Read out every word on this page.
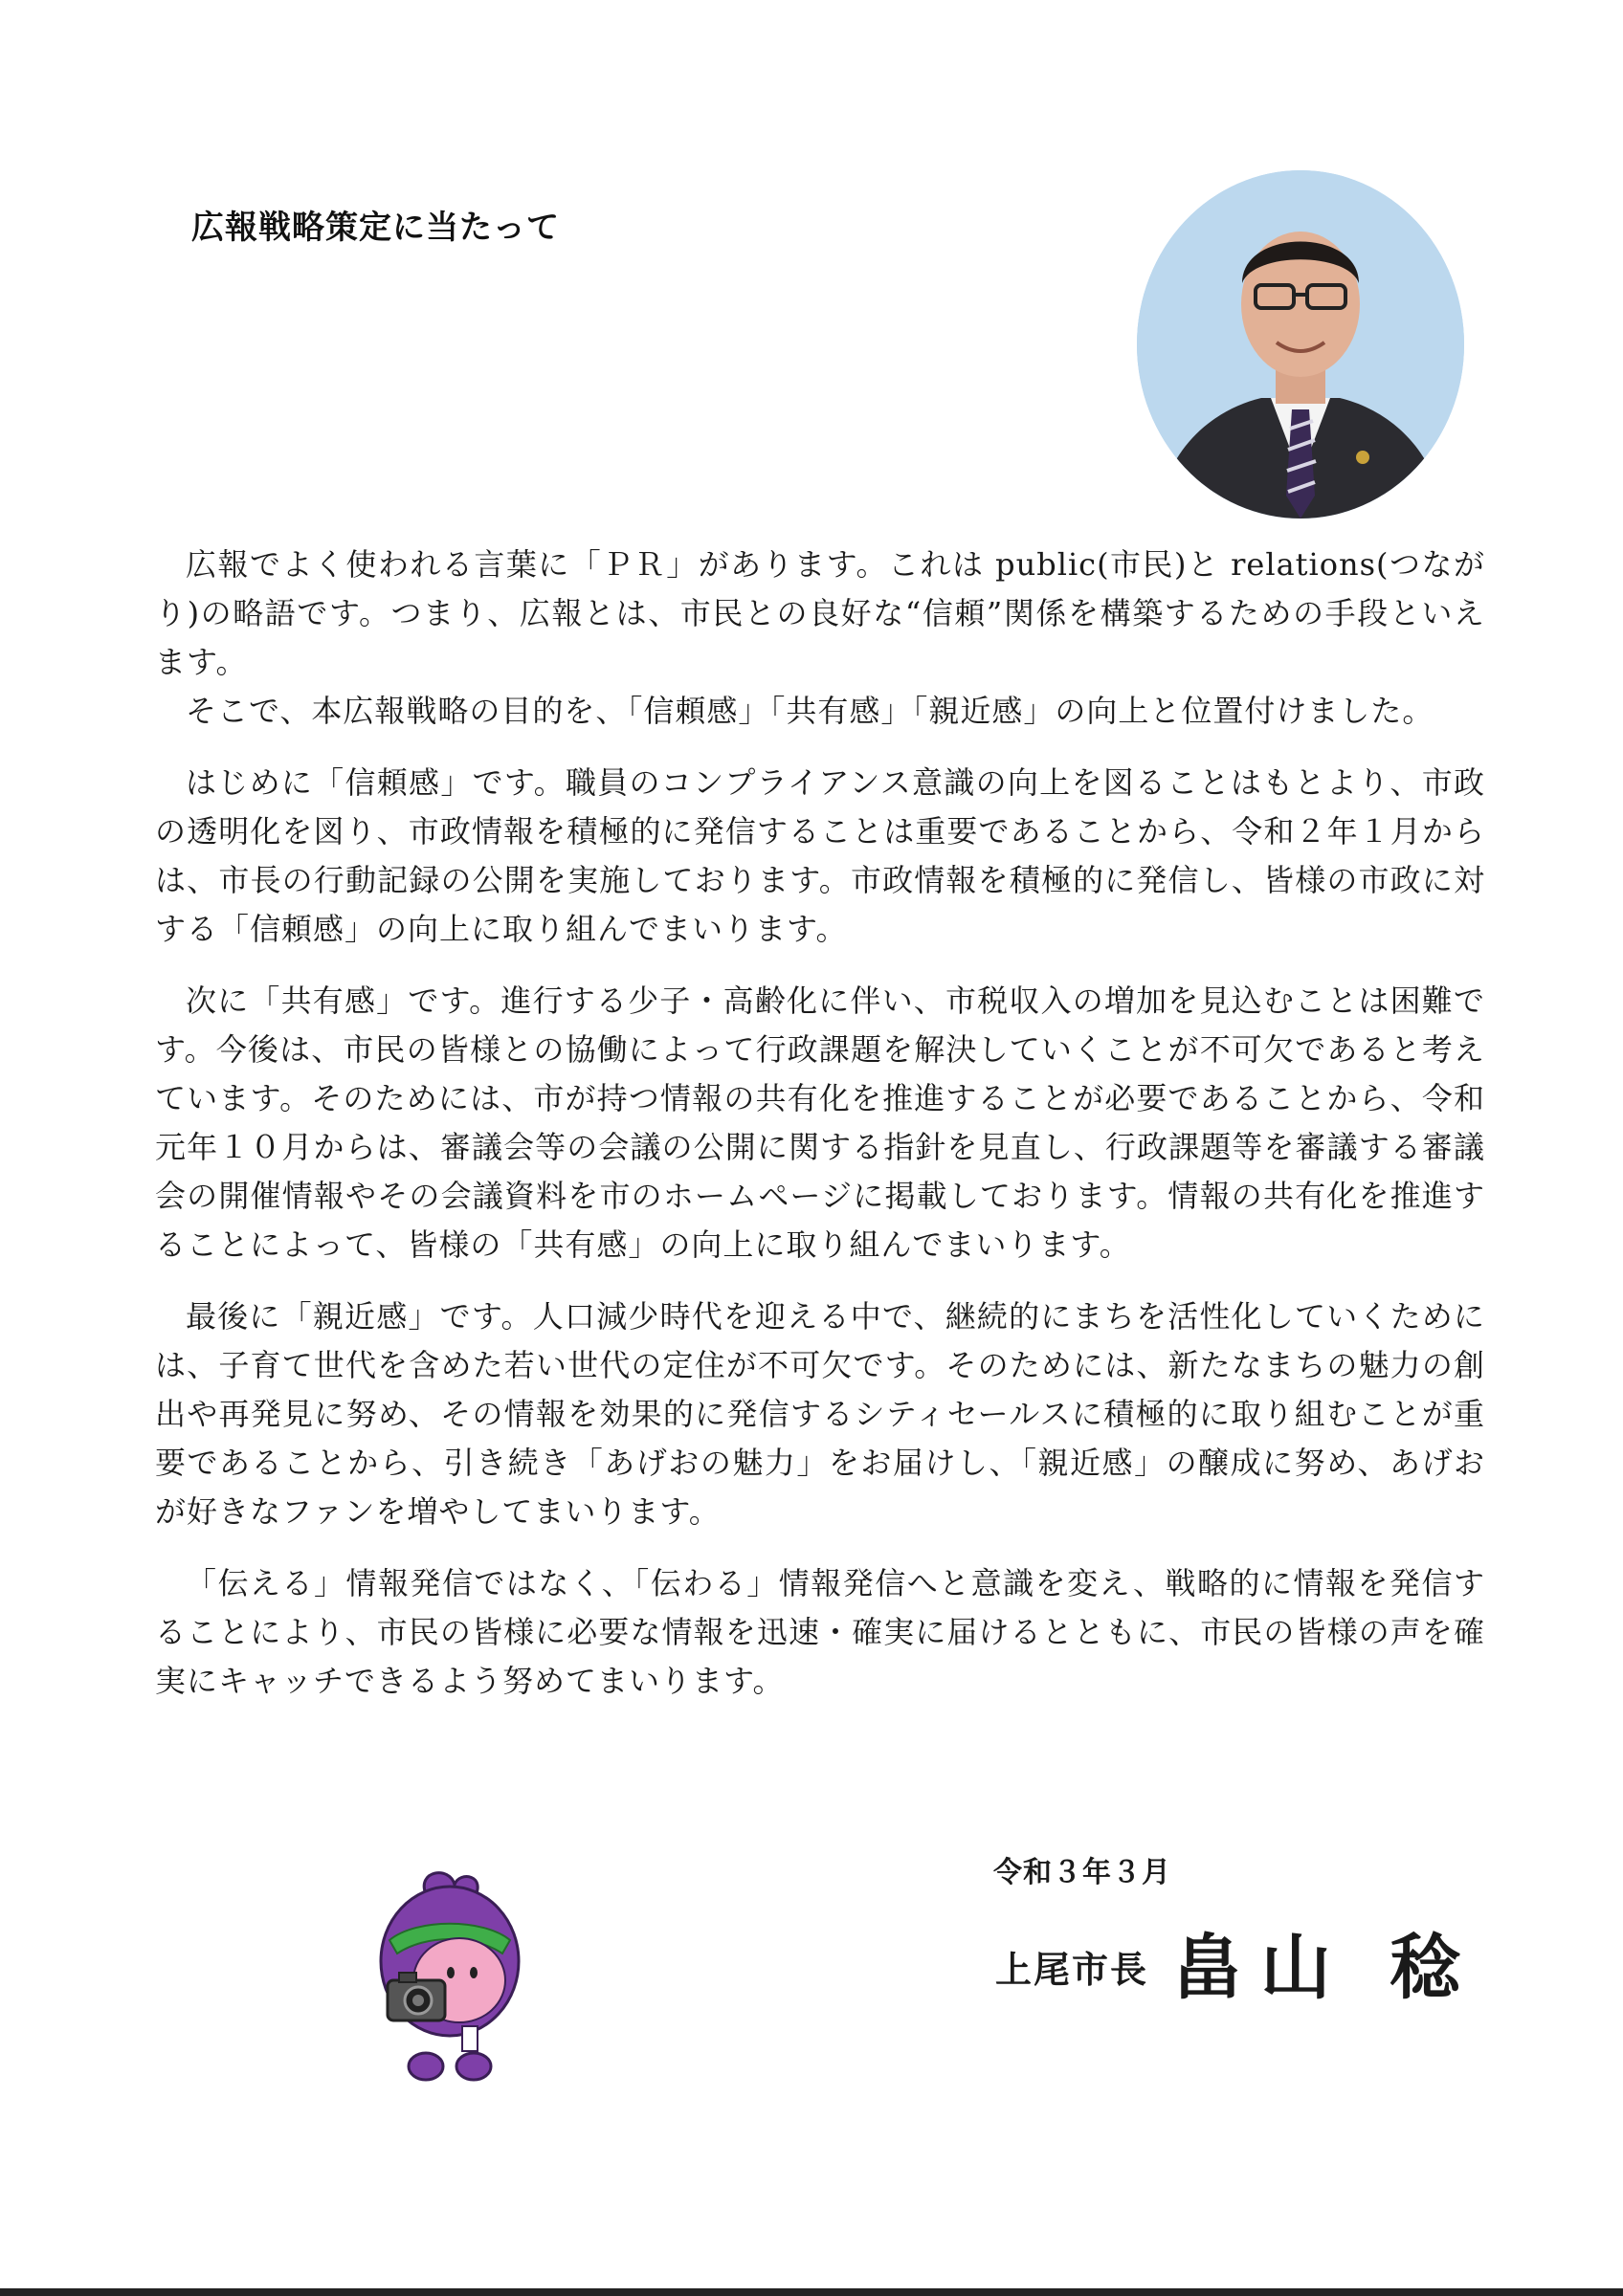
広報戦略策定に当たって

広報でよく使われる言葉に「ＰＲ」があります。これは public(市民)と relations(つながり)の略語です。つまり、広報とは、市民との良好な“信頼”関係を構築するための手段といえます。

そこで、本広報戦略の目的を、「信頼感」「共有感」「親近感」の向上と位置付けました。

はじめに「信頼感」です。職員のコンプライアンス意識の向上を図ることはもとより、市政の透明化を図り、市政情報を積極的に発信することは重要であることから、令和２年１月からは、市長の行動記録の公開を実施しております。市政情報を積極的に発信し、皆様の市政に対する「信頼感」の向上に取り組んでまいります。

次に「共有感」です。進行する少子・高齢化に伴い、市税収入の増加を見込むことは困難です。今後は、市民の皆様との協働によって行政課題を解決していくことが不可欠であると考えています。そのためには、市が持つ情報の共有化を推進することが必要であることから、令和元年１０月からは、審議会等の会議の公開に関する指針を見直し、行政課題等を審議する審議会の開催情報やその会議資料を市のホームページに掲載しております。情報の共有化を推進することによって、皆様の「共有感」の向上に取り組んでまいります。

最後に「親近感」です。人口減少時代を迎える中で、継続的にまちを活性化していくためには、子育て世代を含めた若い世代の定住が不可欠です。そのためには、新たなまちの魅力の創出や再発見に努め、その情報を効果的に発信するシティセールスに積極的に取り組むことが重要であることから、引き続き「あげおの魅力」をお届けし、「親近感」の醸成に努め、あげおが好きなファンを増やしてまいります。

「伝える」情報発信ではなく、「伝わる」情報発信へと意識を変え、戦略的に情報を発信することにより、市民の皆様に必要な情報を迅速・確実に届けるとともに、市民の皆様の声を確実にキャッチできるよう努めてまいります。

令和３年３月
上尾市長 畠山 稔
